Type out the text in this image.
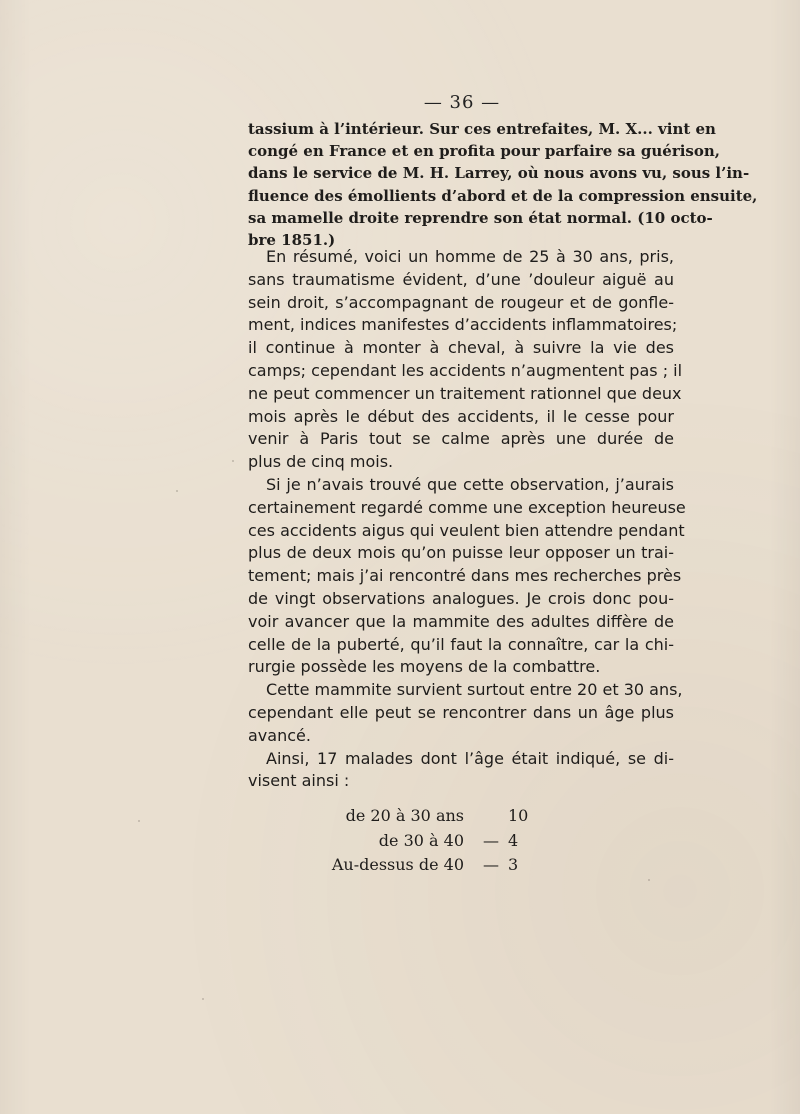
— 36 —
tassium à l’intérieur. Sur ces entrefaites, M. X... vint en
congé en France et en profita pour parfaire sa guérison,
dans le service de M. H. Larrey, où nous avons vu, sous l’in-
fluence des émollients d’abord et de la compression ensuite,
sa mamelle droite reprendre son état normal. (10 octo-
bre 1851.)
En résumé, voici un homme de 25 à 30 ans, pris,
sans traumatisme évident, d’une ’douleur aiguë au
sein droit, s’accompagnant de rougeur et de gonfle-
ment, indices manifestes d’accidents inflammatoires;
il continue à monter à cheval, à suivre la vie des
camps; cependant les accidents n’augmentent pas ; il
ne peut commencer un traitement rationnel que deux
mois après le début des accidents, il le cesse pour
venir à Paris tout se calme après une durée de
plus de cinq mois.
Si je n’avais trouvé que cette observation, j’aurais
certainement regardé comme une exception heureuse
ces accidents aigus qui veulent bien attendre pendant
plus de deux mois qu’on puisse leur opposer un trai-
tement; mais j’ai rencontré dans mes recherches près
de vingt observations analogues. Je crois donc pou-
voir avancer que la mammite des adultes diffère de
celle de la puberté, qu’il faut la connaître, car la chi-
rurgie possède les moyens de la combattre.
Cette mammite survient surtout entre 20 et 30 ans,
cependant elle peut se rencontrer dans un âge plus
avancé.
Ainsi, 17 malades dont l’âge était indiqué, se di-
visent ainsi :
de 20 à 30 ans	10
de 30 à 40	— 4
Au-dessus de 40	— 3
